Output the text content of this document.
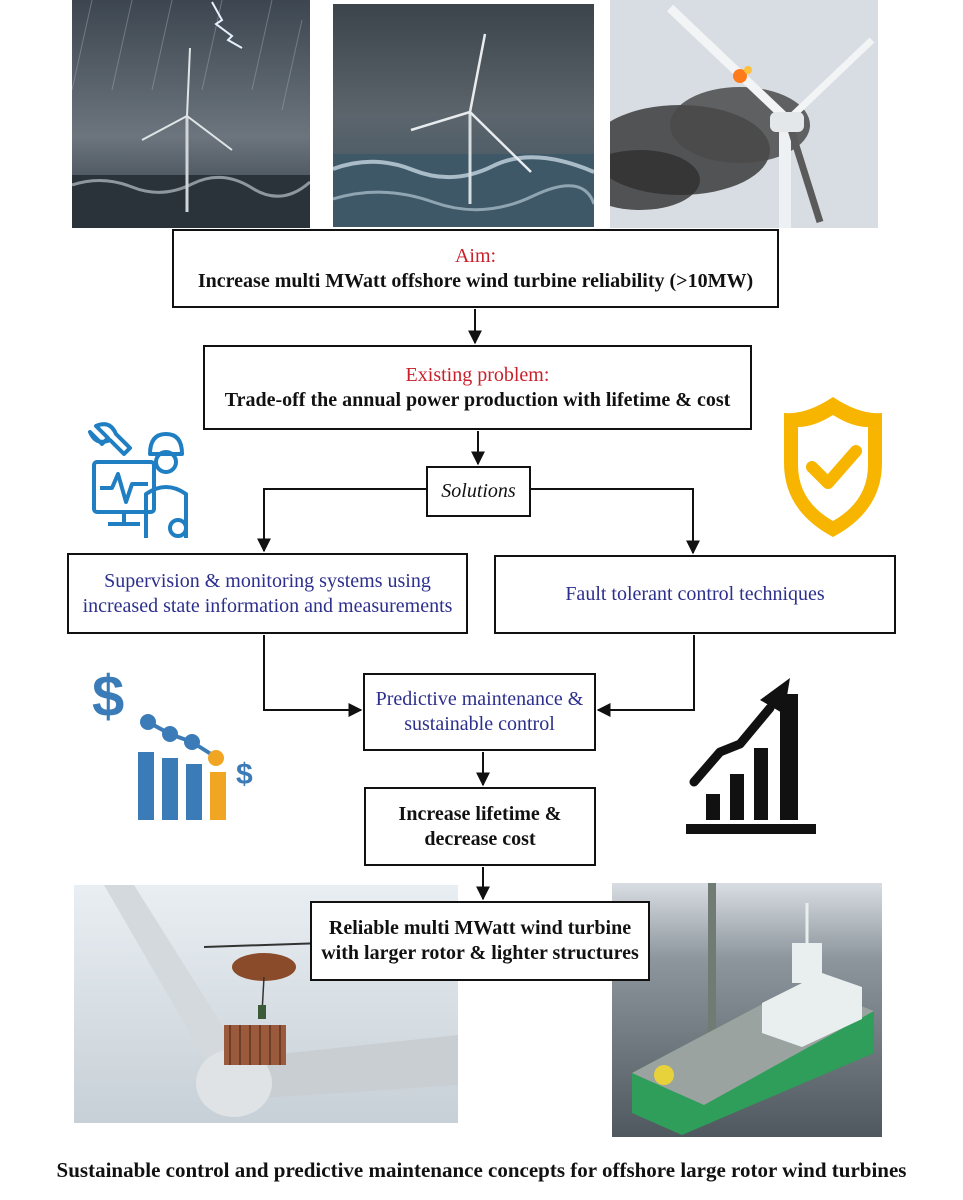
Aim:
Increase multi MWatt offshore wind turbine reliability (>10MW)
Existing problem:
Trade-off the annual power production with lifetime & cost
Solutions
Supervision & monitoring systems using
increased state information and measurements
Fault tolerant control techniques
Predictive maintenance &
sustainable control
Increase lifetime &
decrease cost
Reliable multi MWatt wind turbine
with larger rotor & lighter structures
$
$
Sustainable control and predictive maintenance concepts for offshore large rotor wind turbines
